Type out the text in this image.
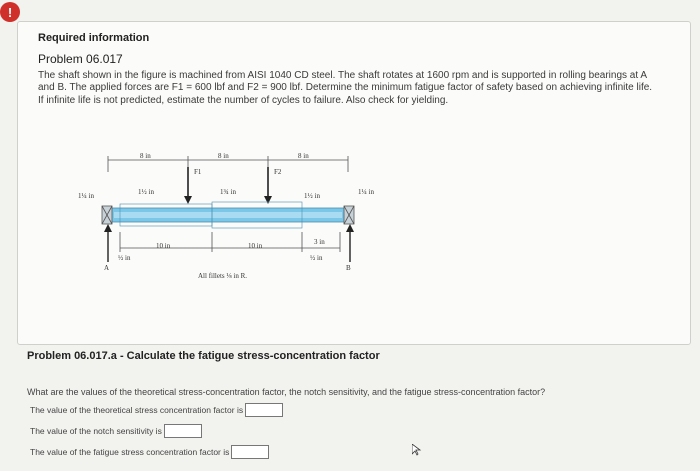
!
Required information
Problem 06.017
The shaft shown in the figure is machined from AISI 1040 CD steel. The shaft rotates at 1600 rpm and is supported in rolling bearings at A and B. The applied forces are F1 = 600 lbf and F2 = 900 lbf. Determine the minimum fatigue factor of safety based on achieving infinite life. If infinite life is not predicted, estimate the number of cycles to failure. Also check for yielding.
8 in	8 in	8 in
F1	F2
1¼ in	1½ in	1¾ in	1½ in	1¼ in
10 in	10 in	3 in
½ in	½ in
A	B
All fillets ⅛ in R.
Problem 06.017.a - Calculate the fatigue stress-concentration factor
What are the values of the theoretical stress-concentration factor, the notch sensitivity, and the fatigue stress-concentration factor?
The value of the theoretical stress concentration factor is
The value of the notch sensitivity is
The value of the fatigue stress concentration factor is
